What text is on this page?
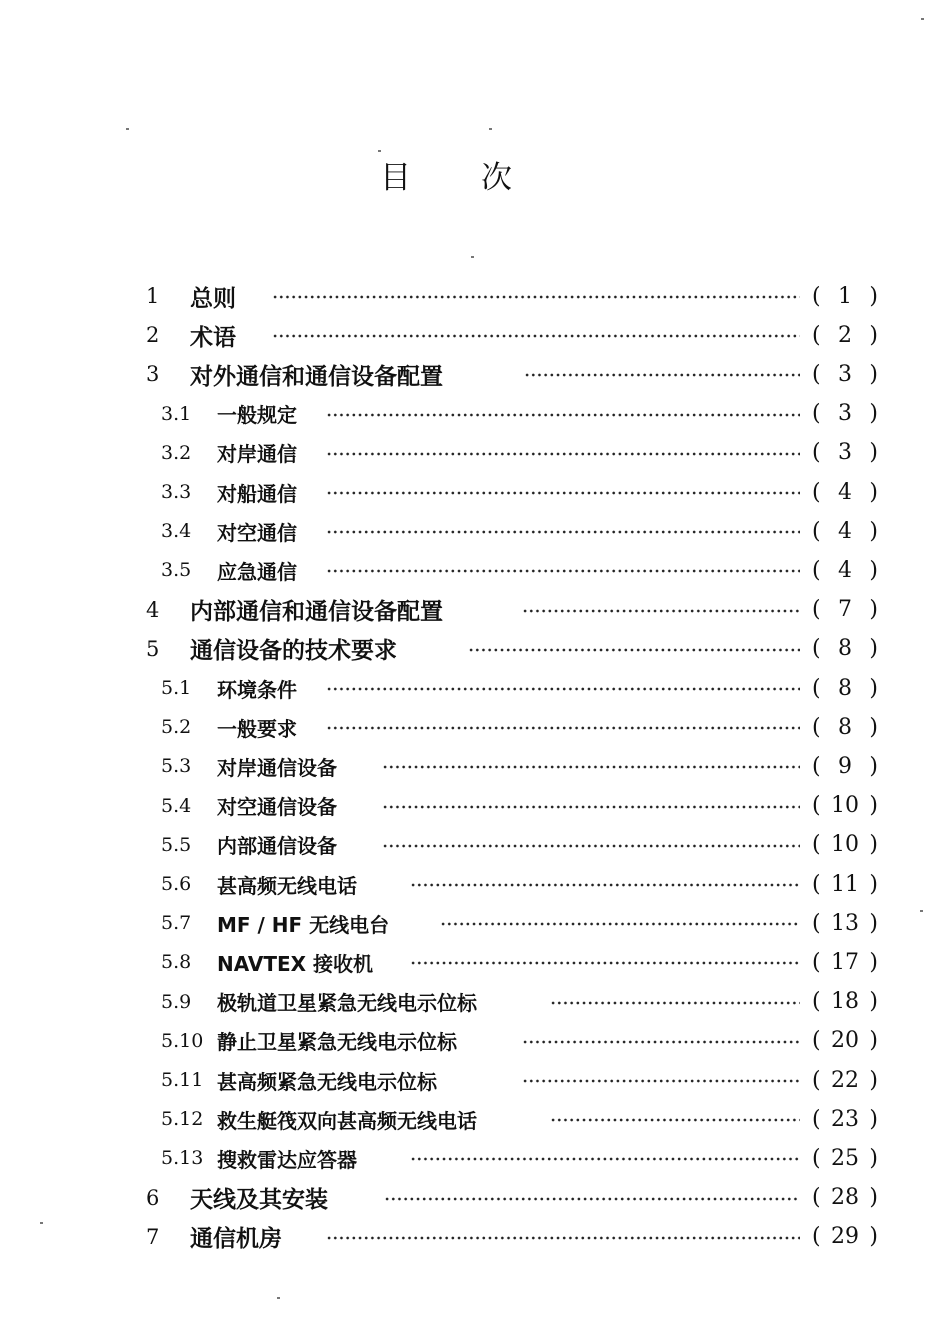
目次
1 总则	( 1 )
2 术语	( 2 )
3 对外通信和通信设备配置	( 3 )
3.1 一般规定	( 3 )
3.2 对岸通信	( 3 )
3.3 对船通信	( 4 )
3.4 对空通信	( 4 )
3.5 应急通信	( 4 )
4 内部通信和通信设备配置	( 7 )
5 通信设备的技术要求	( 8 )
5.1 环境条件	( 8 )
5.2 一般要求	( 8 )
5.3 对岸通信设备	( 9 )
5.4 对空通信设备	( 10 )
5.5 内部通信设备	( 10 )
5.6 甚高频无线电话	( 11 )
5.7 MF / HF 无线电台	( 13 )
5.8 NAVTEX 接收机	( 17 )
5.9 极轨道卫星紧急无线电示位标	( 18 )
5.10 静止卫星紧急无线电示位标	( 20 )
5.11 甚高频紧急无线电示位标	( 22 )
5.12 救生艇筏双向甚高频无线电话	( 23 )
5.13 搜救雷达应答器	( 25 )
6 天线及其安装	( 28 )
7 通信机房	( 29 )
